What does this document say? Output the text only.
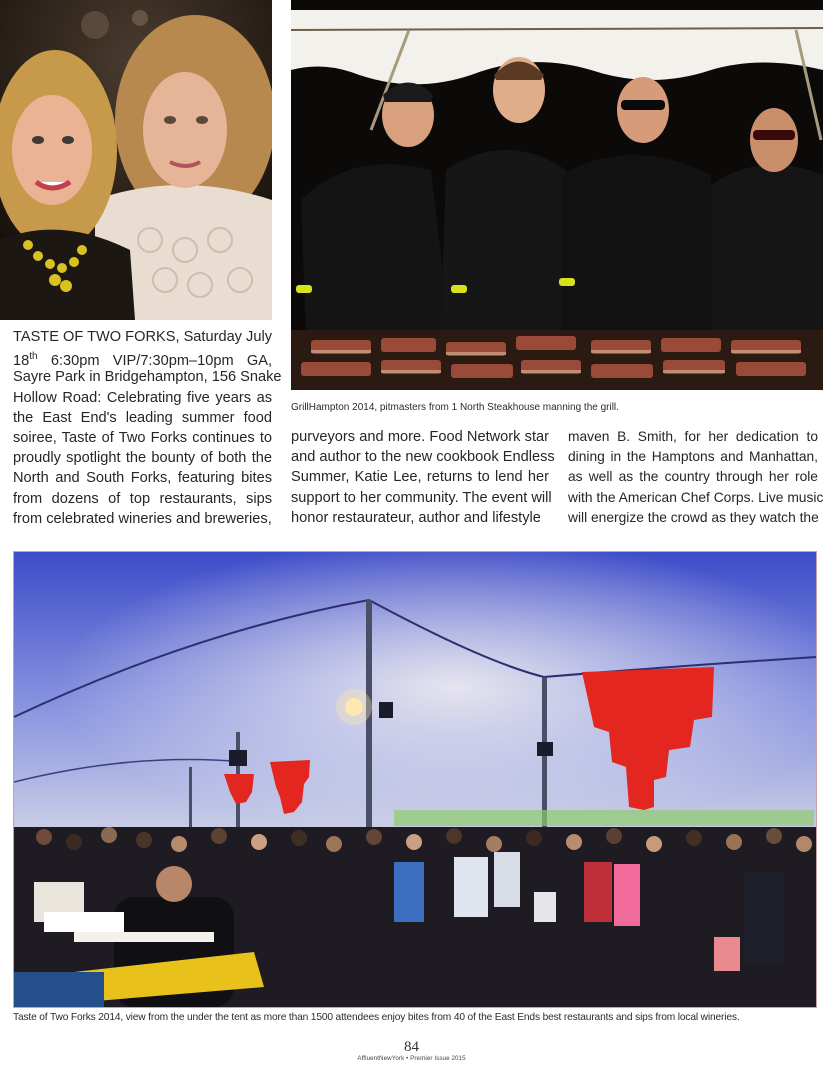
GrillHampton 2014, pitmasters from 1 North Steakhouse manning the grill.
TASTE OF TWO FORKS, Saturday July
18th 6:30pm VIP/7:30pm–10pm GA,
Sayre Park in Bridgehampton, 156 Snake
Hollow Road: Celebrating five years as
the East End's leading summer food
soiree, Taste of Two Forks continues to
proudly spotlight the bounty of both the
North and South Forks, featuring bites
from dozens of top restaurants, sips
from celebrated wineries and breweries,
purveyors and more. Food Network star
and author to the new cookbook Endless
Summer, Katie Lee, returns to lend her
support to her community. The event will
honor restaurateur, author and lifestyle
maven B. Smith, for her dedication to
dining in the Hamptons and Manhattan,
as well as the country through her role
with the American Chef Corps. Live music
will energize the crowd as they watch the
Taste of Two Forks 2014, view from the under the tent as more than 1500 attendees enjoy bites from 40 of the East Ends best restaurants and sips from local wineries.
84
AffluentNewYork • Premier Issue 2015
